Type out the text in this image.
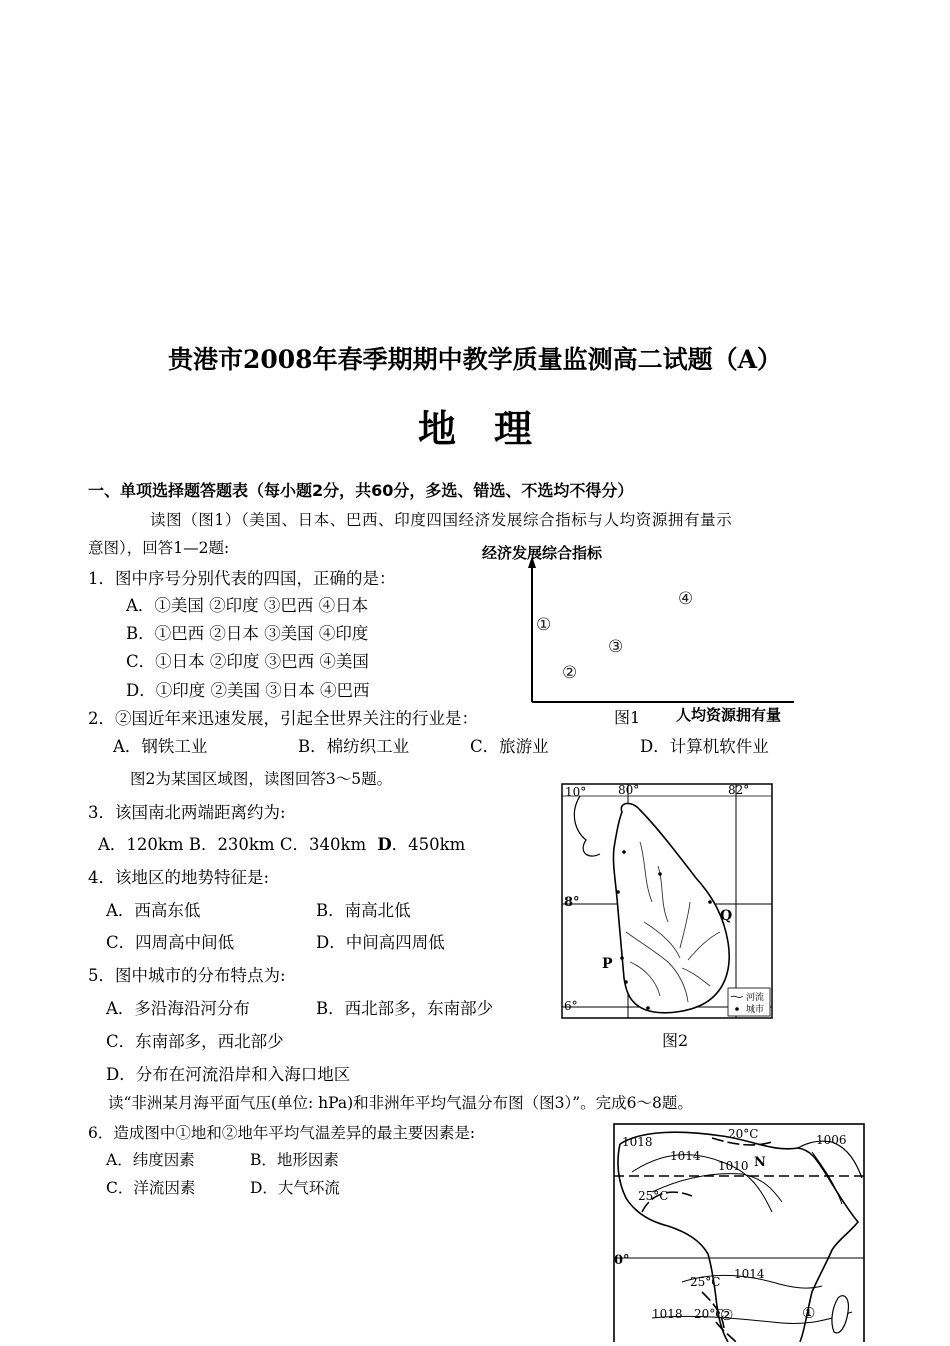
贵港市2008年春季期期中教学质量监测高二试题（A）
地　理
一、单项选择题答题表（每小题2分，共60分，多选、错选、不选均不得分）
读图（图1）（美国、日本、巴西、印度四国经济发展综合指标与人均资源拥有量示
意图），回答1—2题:
1．图中序号分别代表的四国，正确的是：
A．①美国 ②印度 ③巴西 ④日本
B．①巴西 ②日本 ③美国 ④印度
C．①日本 ②印度 ③巴西 ④美国
D．①印度 ②美国 ③日本 ④巴西
2．②国近年来迅速发展，引起全世界关注的行业是：
A．钢铁工业	B．棉纺织工业	C．旅游业	D．计算机软件业
经济发展综合指标
人均资源拥有量
①
②
③
④
图1
图2为某国区域图，读图回答3～5题。
3．该国南北两端距离约为:
A．120km B．230km C．340km D．450km
4．该地区的地势特征是:
A．西高东低	B．南高北低
C．四周高中间低	D．中间高四周低
5．图中城市的分布特点为:
A．多沿海沿河分布	B．西北部多，东南部少
C．东南部多，西北部少
D．分布在河流沿岸和入海口地区
10°	80°	82°
8°
6°
P
Q
河流
城市
图2
读“非洲某月海平面气压(单位: hPa)和非洲年平均气温分布图（图3）”。完成6～8题。
6．造成图中①地和②地年平均气温差异的最主要因素是:
A．纬度因素	B．地形因素
C．洋流因素	D．大气环流
1018
1014
1010
1006
20°C
25°C
N
0°
25°C
1014
1018 20°C
②	①
